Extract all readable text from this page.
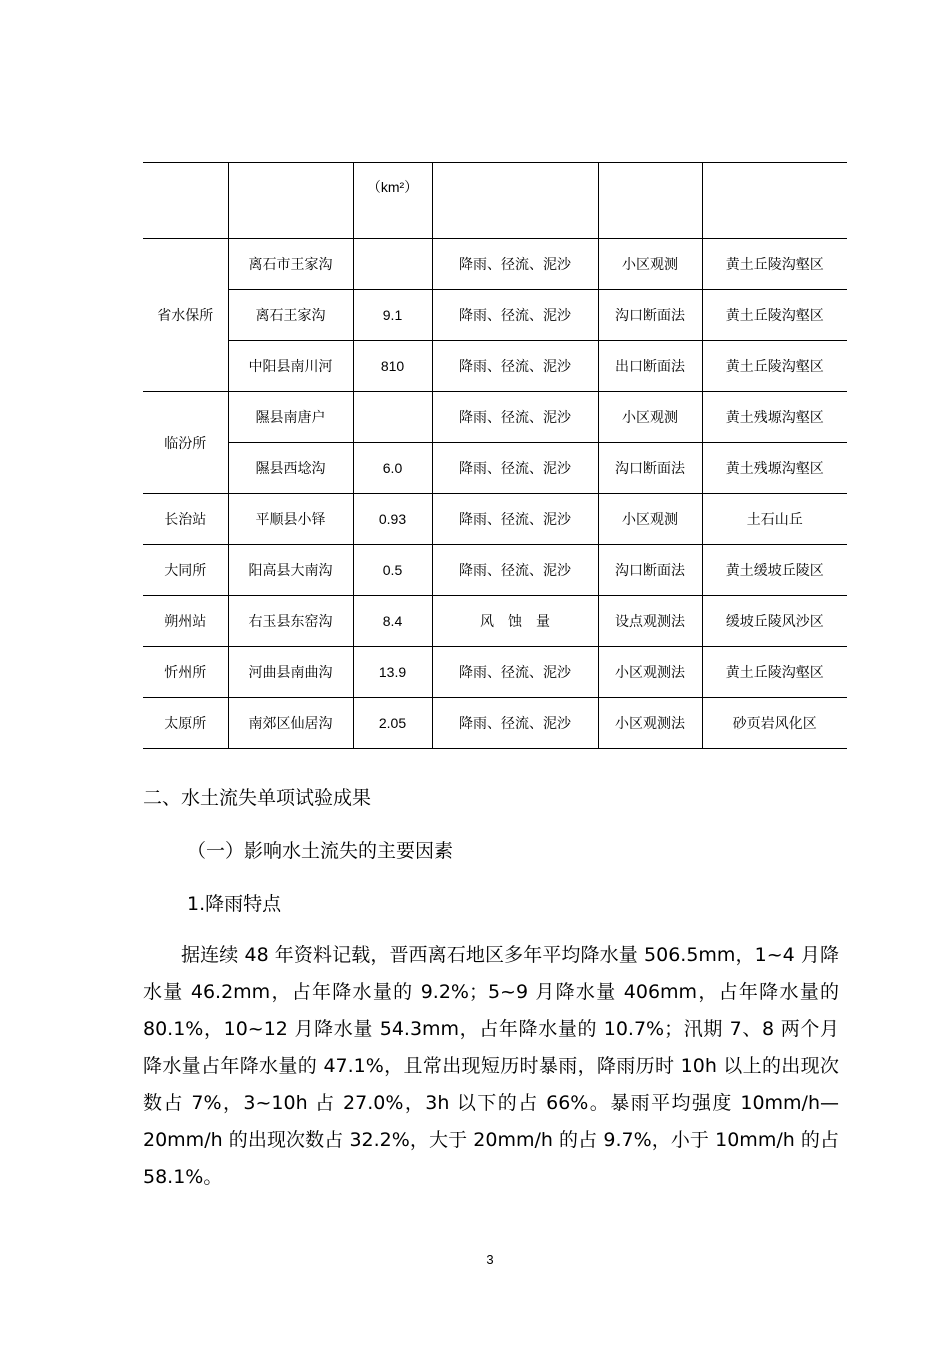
		（km²）			
省水保所	离石市王家沟		降雨、径流、泥沙	小区观测	黄土丘陵沟壑区
	离石王家沟	9.1	降雨、径流、泥沙	沟口断面法	黄土丘陵沟壑区
	中阳县南川河	810	降雨、径流、泥沙	出口断面法	黄土丘陵沟壑区
临汾所	隰县南唐户		降雨、径流、泥沙	小区观测	黄土残塬沟壑区
	隰县西埝沟	6.0	降雨、径流、泥沙	沟口断面法	黄土残塬沟壑区
长治站	平顺县小铎	0.93	降雨、径流、泥沙	小区观测	土石山丘
大同所	阳高县大南沟	0.5	降雨、径流、泥沙	沟口断面法	黄土缓坡丘陵区
朔州站	右玉县东窑沟	8.4	风　蚀　量	设点观测法	缓坡丘陵风沙区
忻州所	河曲县南曲沟	13.9	降雨、径流、泥沙	小区观测法	黄土丘陵沟壑区
太原所	南郊区仙居沟	2.05	降雨、径流、泥沙	小区观测法	砂页岩风化区
二、水土流失单项试验成果
（一）影响水土流失的主要因素
1.降雨特点

据连续 48 年资料记载，晋西离石地区多年平均降水量 506.5mm，1~4 月降水量 46.2mm，占年降水量的 9.2%；5~9 月降水量 406mm，占年降水量的 80.1%，10~12 月降水量 54.3mm，占年降水量的 10.7%；汛期 7、8 两个月降水量占年降水量的 47.1%，且常出现短历时暴雨，降雨历时 10h 以上的出现次数占 7%，3~10h 占 27.0%，3h 以下的占 66%。暴雨平均强度 10mm/h— 20mm/h 的出现次数占 32.2%，大于 20mm/h 的占 9.7%，小于 10mm/h 的占 58.1%。

3
